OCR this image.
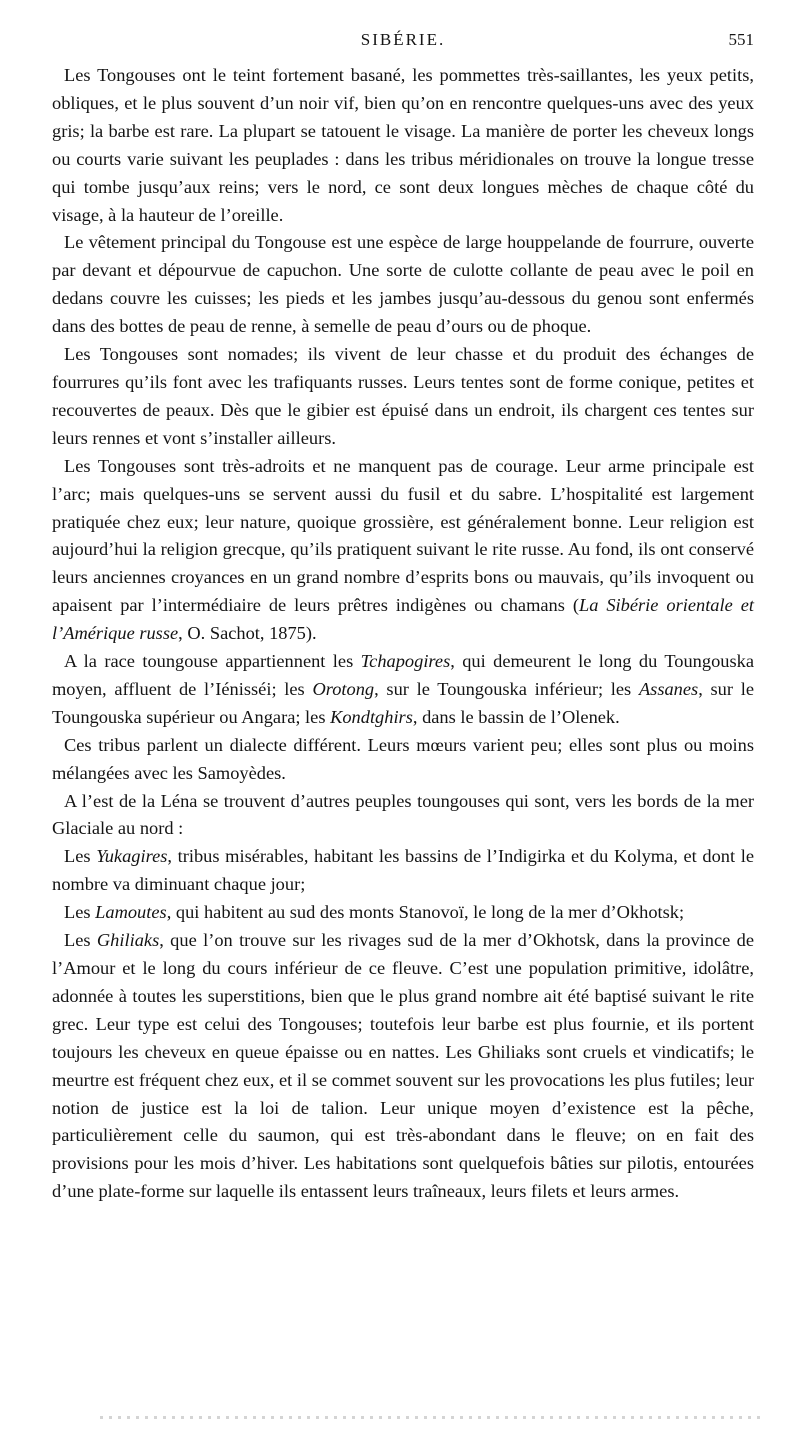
SIBÉRIE.	551

Les Tongouses ont le teint fortement basané, les pommettes très-saillantes, les yeux petits, obliques, et le plus souvent d’un noir vif, bien qu’on en rencontre quelques-uns avec des yeux gris; la barbe est rare. La plupart se tatouent le visage. La manière de porter les cheveux longs ou courts varie suivant les peuplades : dans les tribus méridionales on trouve la longue tresse qui tombe jusqu’aux reins; vers le nord, ce sont deux longues mèches de chaque côté du visage, à la hauteur de l’oreille.

Le vêtement principal du Tongouse est une espèce de large houppelande de fourrure, ouverte par devant et dépourvue de capuchon. Une sorte de culotte collante de peau avec le poil en dedans couvre les cuisses; les pieds et les jambes jusqu’au-dessous du genou sont enfermés dans des bottes de peau de renne, à semelle de peau d’ours ou de phoque.

Les Tongouses sont nomades; ils vivent de leur chasse et du produit des échanges de fourrures qu’ils font avec les trafiquants russes. Leurs tentes sont de forme conique, petites et recouvertes de peaux. Dès que le gibier est épuisé dans un endroit, ils chargent ces tentes sur leurs rennes et vont s’installer ailleurs.

Les Tongouses sont très-adroits et ne manquent pas de courage. Leur arme principale est l’arc; mais quelques-uns se servent aussi du fusil et du sabre. L’hospitalité est largement pratiquée chez eux; leur nature, quoique grossière, est généralement bonne. Leur religion est aujourd’hui la religion grecque, qu’ils pratiquent suivant le rite russe. Au fond, ils ont conservé leurs anciennes croyances en un grand nombre d’esprits bons ou mauvais, qu’ils invoquent ou apaisent par l’intermédiaire de leurs prêtres indigènes ou chamans (La Sibérie orientale et l’Amérique russe, O. Sachot, 1875).

A la race toungouse appartiennent les Tchapogires, qui demeurent le long du Toungouska moyen, affluent de l’Iénisséi; les Orotong, sur le Toungouska inférieur; les Assanes, sur le Toungouska supérieur ou Angara; les Kondtghirs, dans le bassin de l’Olenek.

Ces tribus parlent un dialecte différent. Leurs mœurs varient peu; elles sont plus ou moins mélangées avec les Samoyèdes.

A l’est de la Léna se trouvent d’autres peuples toungouses qui sont, vers les bords de la mer Glaciale au nord :

Les Yukagires, tribus misérables, habitant les bassins de l’Indigirka et du Kolyma, et dont le nombre va diminuant chaque jour;

Les Lamoutes, qui habitent au sud des monts Stanovoï, le long de la mer d’Okhotsk;

Les Ghiliaks, que l’on trouve sur les rivages sud de la mer d’Okhotsk, dans la province de l’Amour et le long du cours inférieur de ce fleuve. C’est une population primitive, idolâtre, adonnée à toutes les superstitions, bien que le plus grand nombre ait été baptisé suivant le rite grec. Leur type est celui des Tongouses; toutefois leur barbe est plus fournie, et ils portent toujours les cheveux en queue épaisse ou en nattes. Les Ghiliaks sont cruels et vindicatifs; le meurtre est fréquent chez eux, et il se commet souvent sur les provocations les plus futiles; leur notion de justice est la loi de talion. Leur unique moyen d’existence est la pêche, particulièrement celle du saumon, qui est très-abondant dans le fleuve; on en fait des provisions pour les mois d’hiver. Les habitations sont quelquefois bâties sur pilotis, entourées d’une plate-forme sur laquelle ils entassent leurs traîneaux, leurs filets et leurs armes.
